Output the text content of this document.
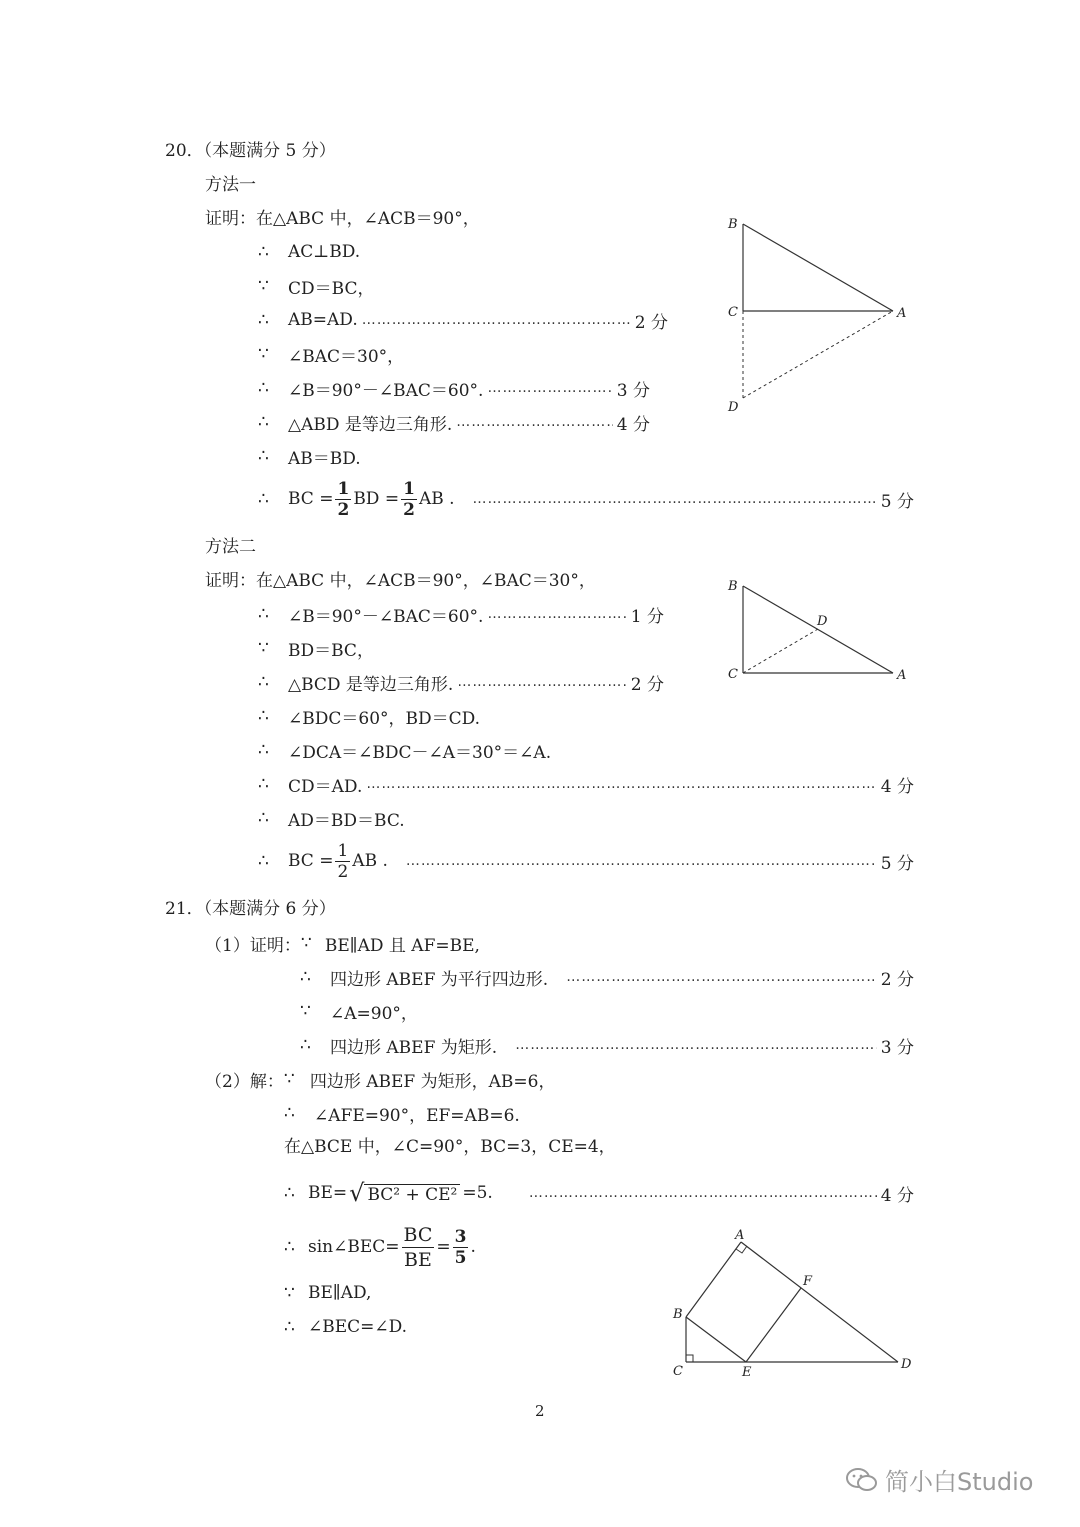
20．（本题满分 5 分）
方法一
证明：在△ABC 中，∠ACB＝90°，
∴	AC⊥BD.
∵	CD＝BC，
∴	AB=AD. …………………………………………………………………………………………………………………………	2 分
∵	∠BAC＝30°，
∴	∠B＝90°－∠BAC＝60°. …………………………………………………………………………………………………………………………	3 分
∴	△ABD 是等边三角形. …………………………………………………………………………………………………………………………	4 分
∴	AB＝BD.
∴	BC = $\frac{1}{2}$ BD = $\frac{1}{2}$ AB . …………………………………………………………………………………………………………………………	5 分
B
C	A
D
方法二
证明：在△ABC 中，∠ACB＝90°，∠BAC＝30°，
∴	∠B＝90°－∠BAC＝60°. …………………………………………………………………………………………………………………………	1 分
∵	BD＝BC，
∴	△BCD 是等边三角形. …………………………………………………………………………………………………………………………	2 分
∴	∠BDC＝60°，BD＝CD.
∴	∠DCA＝∠BDC－∠A＝30°＝∠A.
∴	CD＝AD. …………………………………………………………………………………………………………………………	4 分
∴	AD＝BD＝BC.
∴	BC = $\frac{1}{2}$ AB . …………………………………………………………………………………………………………………………	5 分
B
C	A
D
21．（本题满分 6 分）
（1）证明： ∵ BE∥AD 且 AF=BE,
∴	四边形 ABEF 为平行四边形. …………………………………………………………………………………………………………………………	2 分
∵	∠A=90°，
∴	四边形 ABEF 为矩形. …………………………………………………………………………………………………………………………	3 分
（2）解： ∵ 四边形 ABEF 为矩形，AB=6，
∴	∠AFE=90°，EF=AB=6.
在△BCE 中，∠C=90°，BC=3，CE=4，
∴ BE= √ BC² + CE² =5. …………………………………………………………………………………………………………………………	4 分
∴ sin∠BEC= $\frac{BC}{BE} = \frac{3}{5}$ .
∵ BE∥AD,
∴ ∠BEC=∠D.
A
F
B
C	E
D
2
简小白Studio
